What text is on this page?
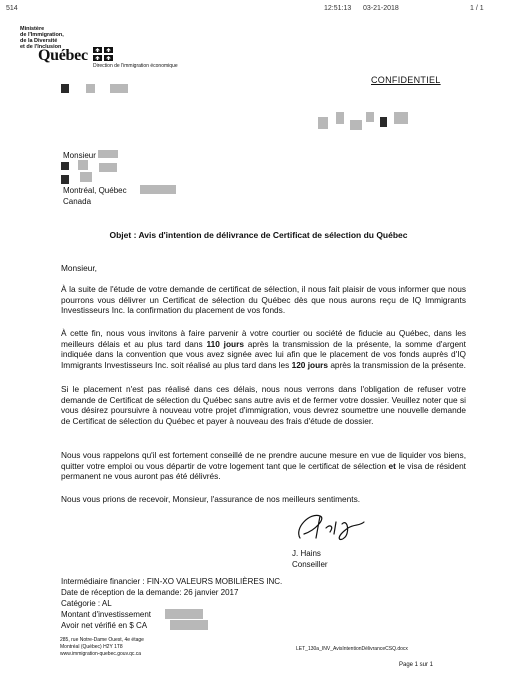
514	12:51:13 03-21-2018	1 / 1
Ministère
de l'Immigration,
de la Diversité
et de l'Inclusion
Québec
Direction de l'immigration économique
CONFIDENTIEL
Monsieur
Montréal, Québec
Canada
Objet : Avis d'intention de délivrance de Certificat de sélection du Québec
Monsieur,
À la suite de l'étude de votre demande de certificat de sélection, il nous fait plaisir de vous informer que nous pourrons vous délivrer un Certificat de sélection du Québec dès que nous aurons reçu de IQ Immigrants Investisseurs Inc. la confirmation du placement de vos fonds.
À cette fin, nous vous invitons à faire parvenir à votre courtier ou société de fiducie au Québec, dans les meilleurs délais et au plus tard dans 110 jours après la transmission de la présente, la somme d'argent indiquée dans la convention que vous avez signée avec lui afin que le placement de vos fonds auprès d'IQ Immigrants Investisseurs Inc. soit réalisé au plus tard dans les 120 jours après la transmission de la présente.
Si le placement n'est pas réalisé dans ces délais, nous nous verrons dans l'obligation de refuser votre demande de Certificat de sélection du Québec sans autre avis et de fermer votre dossier. Veuillez noter que si vous désirez poursuivre à nouveau votre projet d'immigration, vous devrez soumettre une nouvelle demande de Certificat de sélection du Québec et payer à nouveau des frais d'étude de dossier.
Nous vous rappelons qu'il est fortement conseillé de ne prendre aucune mesure en vue de liquider vos biens, quitter votre emploi ou vous départir de votre logement tant que le certificat de sélection et le visa de résident permanent ne vous auront pas été délivrés.
Nous vous prions de recevoir, Monsieur, l'assurance de nos meilleurs sentiments.
J. Hains
Conseiller
Intermédiaire financier : FIN-XO VALEURS MOBILIÈRES INC.
Date de réception de la demande: 26 janvier 2017
Catégorie : AL
Montant d'investissement
Avoir net vérifié en $ CA
285, rue Notre-Dame Ouest, 4e étage
Montréal (Québec) H2Y 1T8
www.immigration-quebec.gouv.qc.ca
LET_130a_INV_AvisIntentionDélivranceCSQ.docx
Page 1 sur 1
